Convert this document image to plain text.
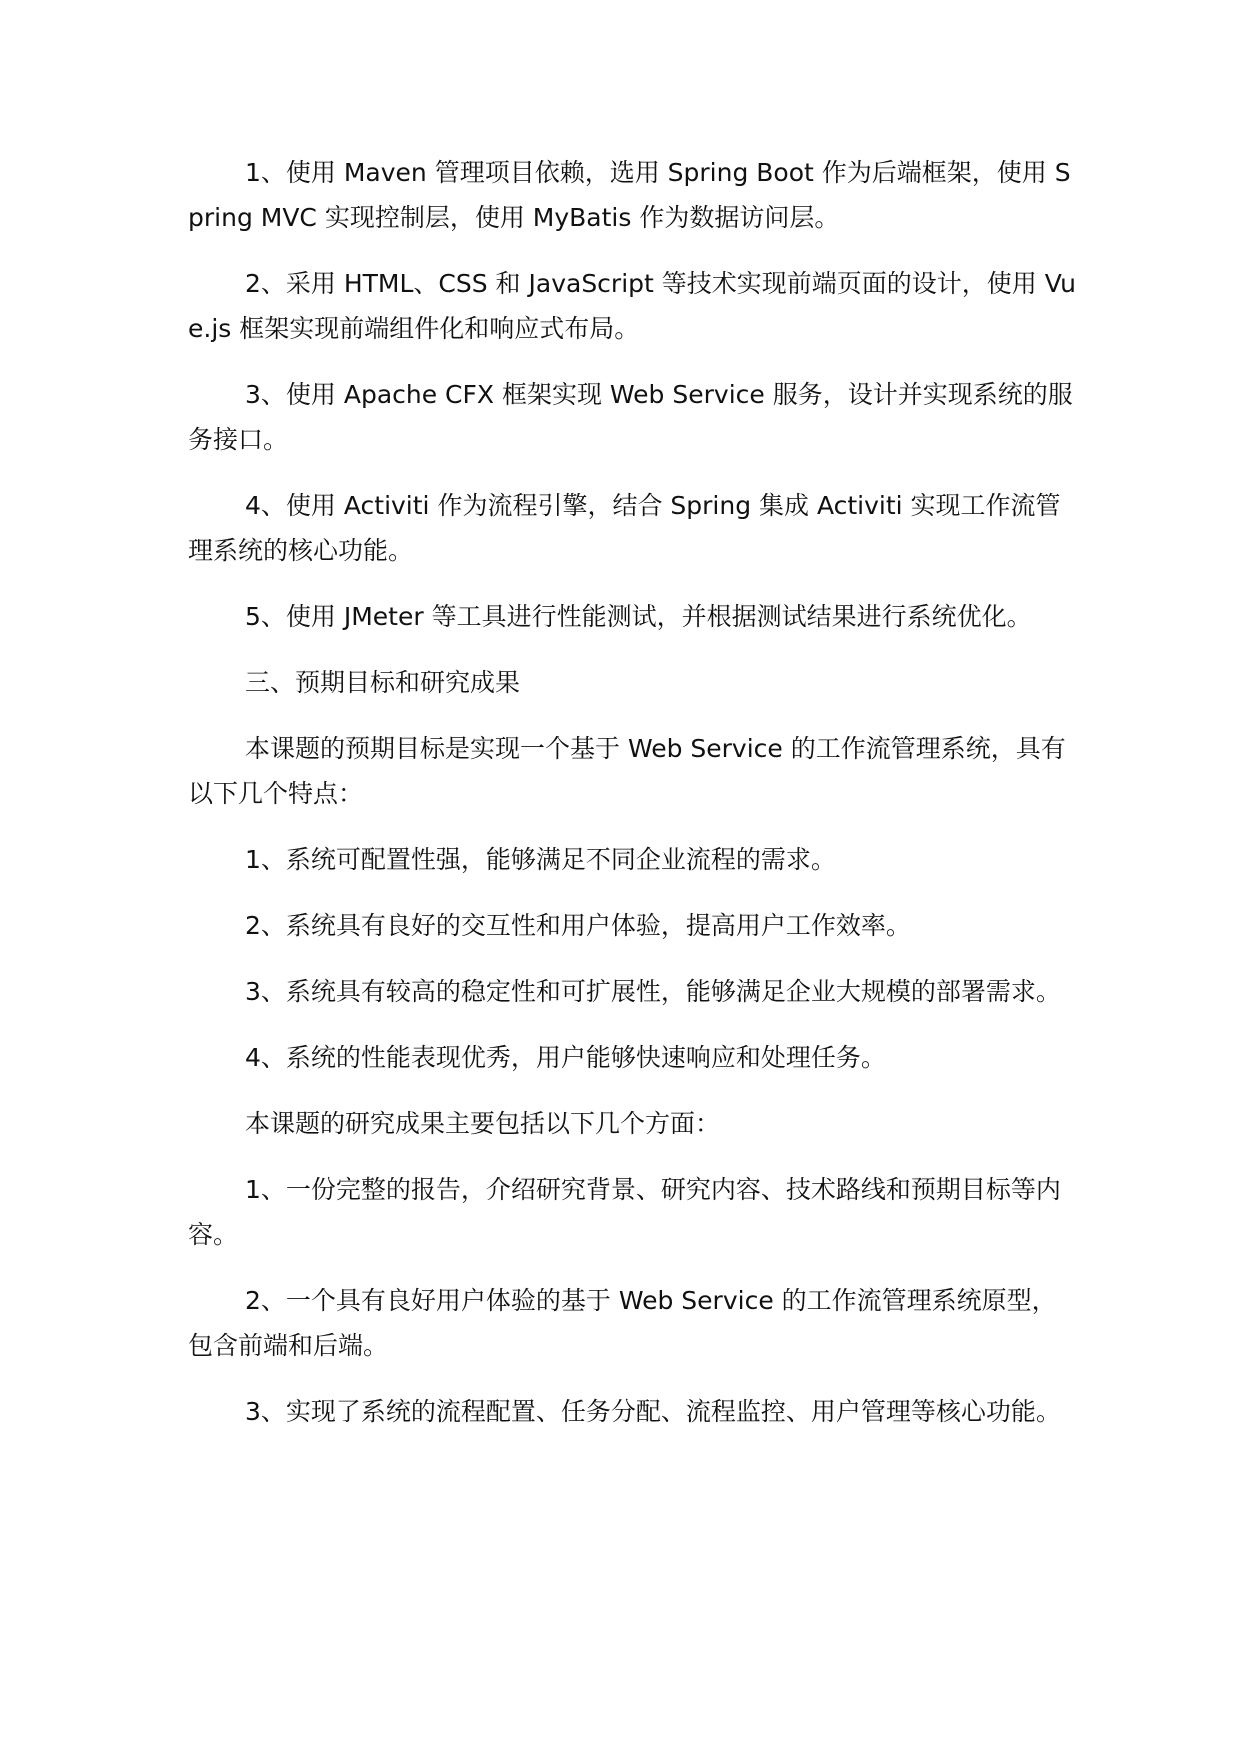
1、使用 Maven 管理项目依赖，选用 Spring Boot 作为后端框架，使用 Spring MVC 实现控制层，使用 MyBatis 作为数据访问层。

2、采用 HTML、CSS 和 JavaScript 等技术实现前端页面的设计，使用 Vue.js 框架实现前端组件化和响应式布局。

3、使用 Apache CFX 框架实现 Web Service 服务，设计并实现系统的服务接口。

4、使用 Activiti 作为流程引擎，结合 Spring 集成 Activiti 实现工作流管理系统的核心功能。

5、使用 JMeter 等工具进行性能测试，并根据测试结果进行系统优化。

三、预期目标和研究成果

本课题的预期目标是实现一个基于 Web Service 的工作流管理系统，具有以下几个特点：

1、系统可配置性强，能够满足不同企业流程的需求。

2、系统具有良好的交互性和用户体验，提高用户工作效率。

3、系统具有较高的稳定性和可扩展性，能够满足企业大规模的部署需求。

4、系统的性能表现优秀，用户能够快速响应和处理任务。

本课题的研究成果主要包括以下几个方面：

1、一份完整的报告，介绍研究背景、研究内容、技术路线和预期目标等内容。

2、一个具有良好用户体验的基于 Web Service 的工作流管理系统原型，包含前端和后端。

3、实现了系统的流程配置、任务分配、流程监控、用户管理等核心功能。
